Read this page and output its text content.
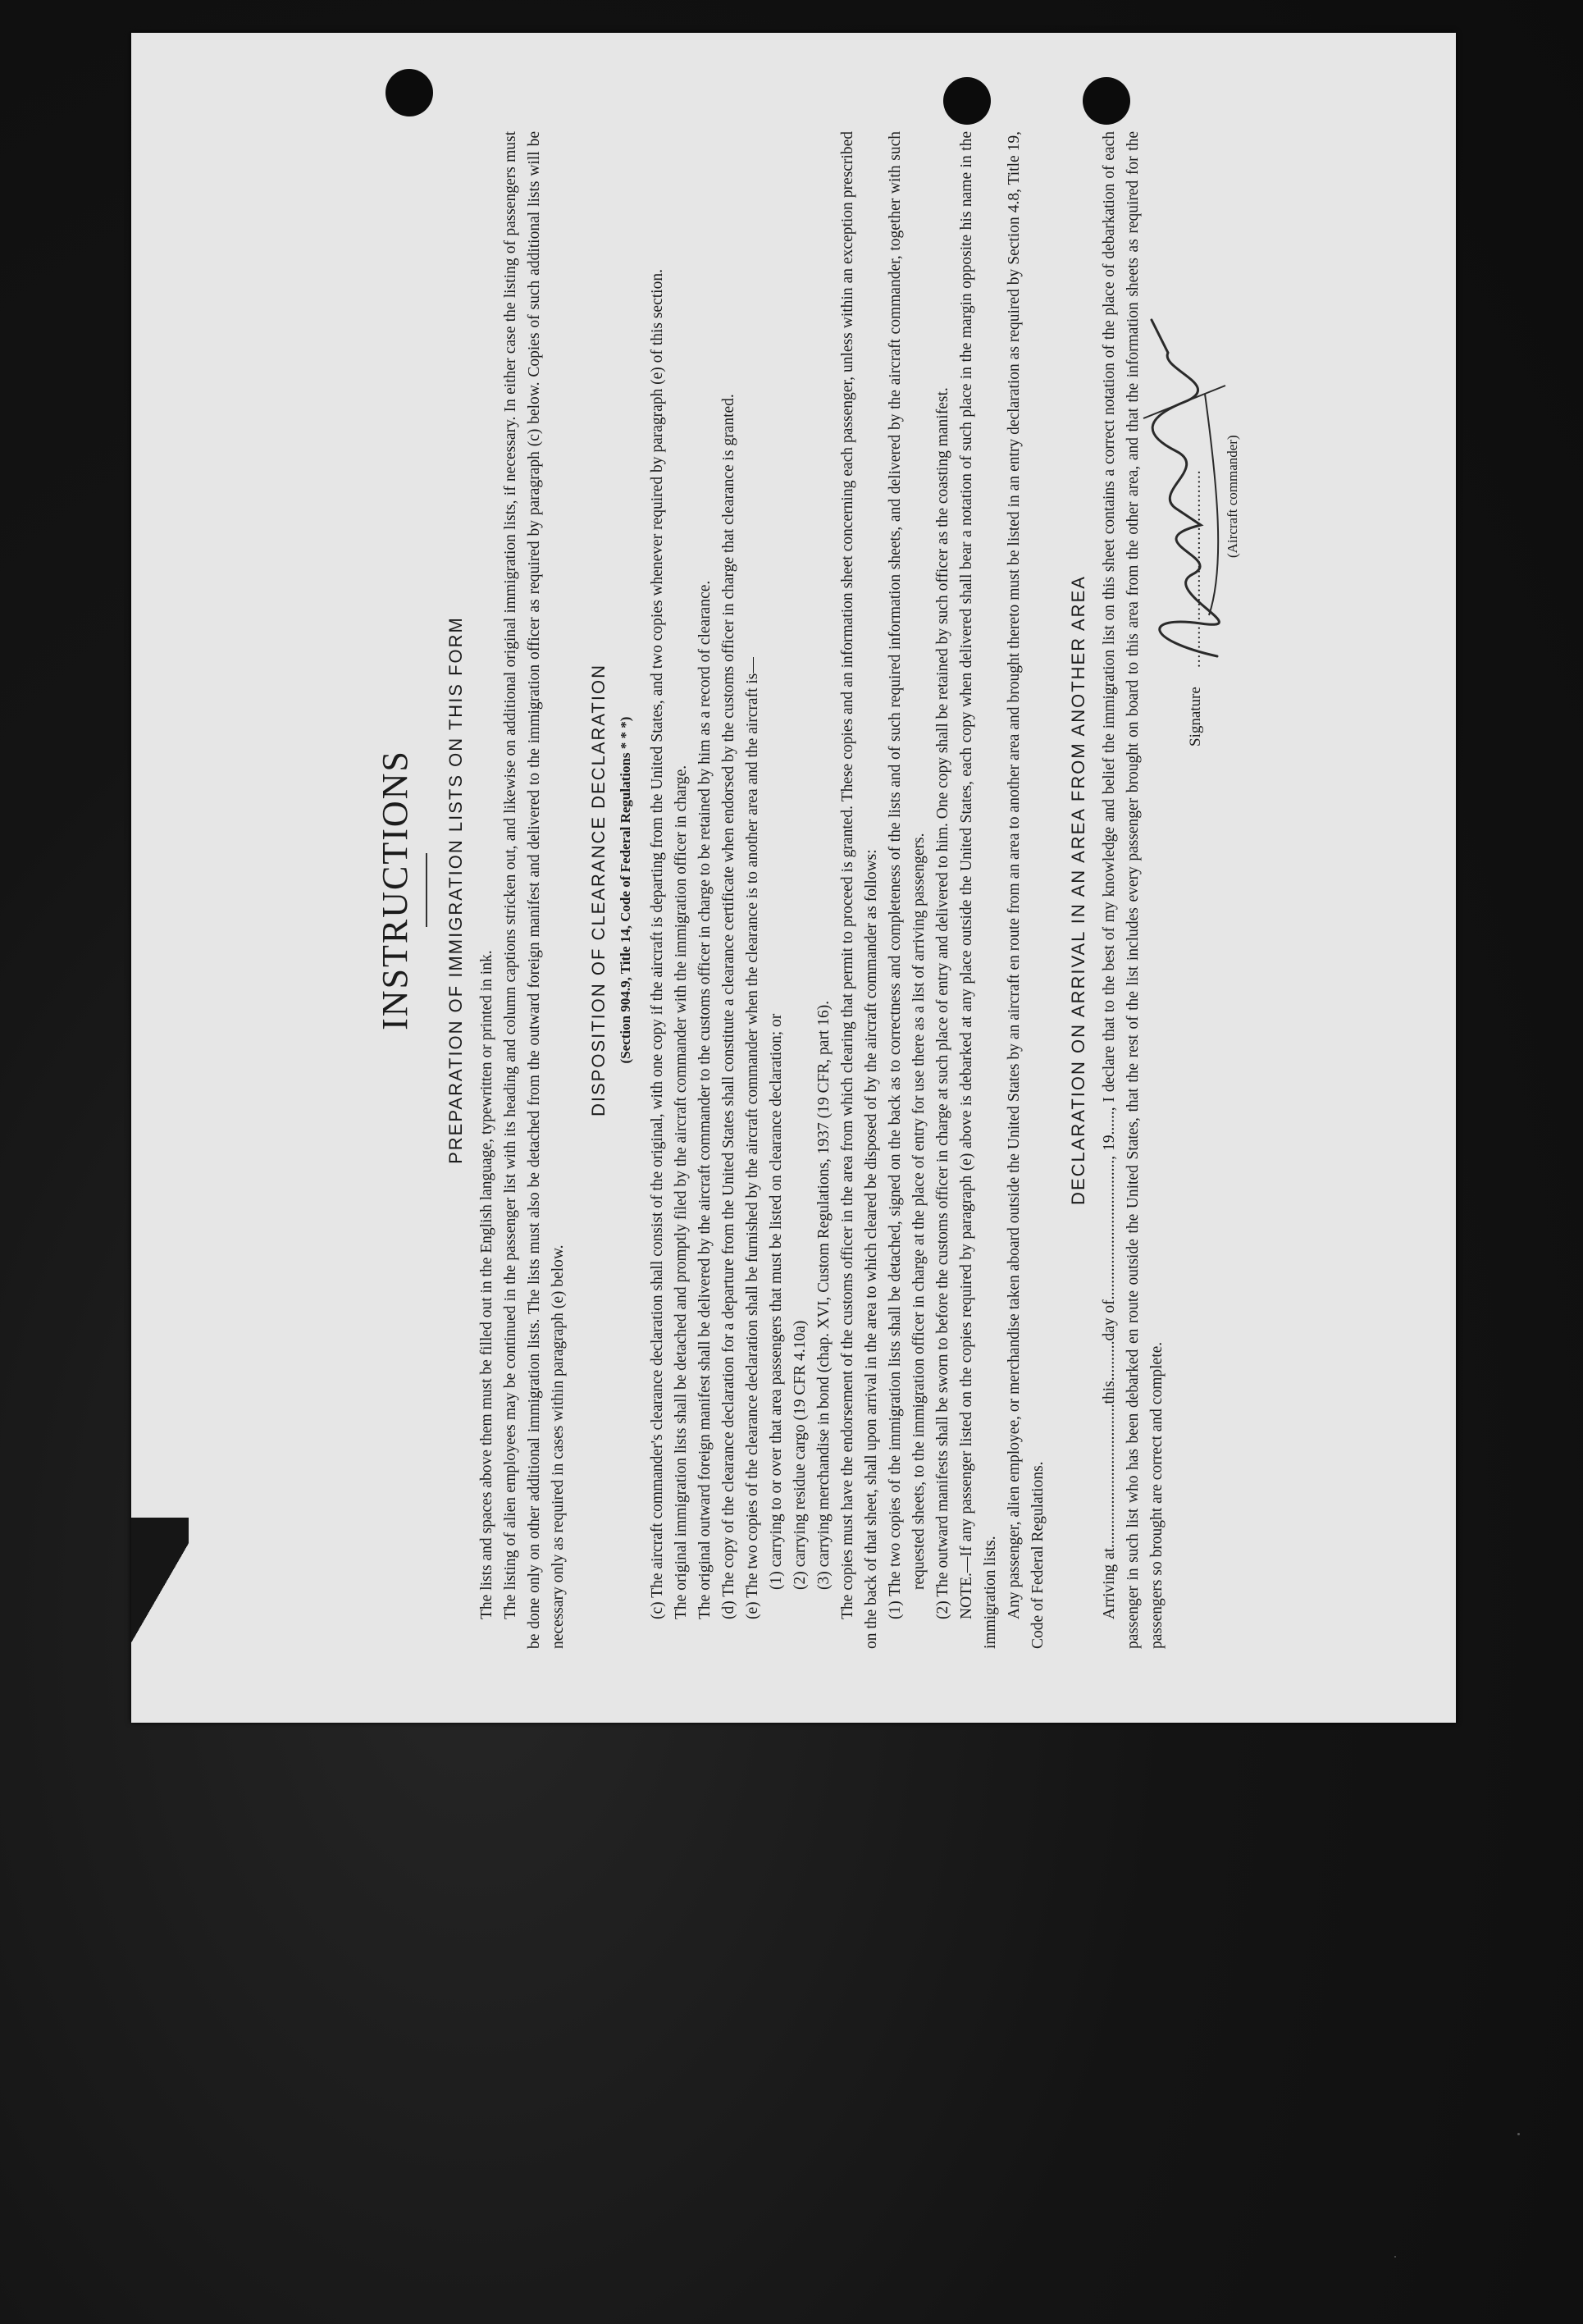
INSTRUCTIONS PREPARATION OF IMMIGRATION LISTS ON THIS FORM

The lists and spaces above them must be filled out in the English language, typewritten or printed in ink. The listing of alien employees may be continued in the passenger list with its heading and column captions stricken out, and likewise on additional original immigration lists, if necessary. In either case the listing of passengers must be done only on other additional immigration lists. The lists must also be detached from the outward foreign manifest and delivered to the immigration officer as required by paragraph (c) below. Copies of such additional lists will be necessary only as required in cases within paragraph (e) below.

DISPOSITION OF CLEARANCE DECLARATION (Section 904.9, Title 14, Code of Federal Regulations * * *) (c) The aircraft commander's clearance declaration shall consist of the original, with one copy if the aircraft is departing from the United States, and two copies whenever required by paragraph (e) of this section. The original immigration lists shall be detached and promptly filed by the aircraft commander with the immigration officer in charge. The original outward foreign manifest shall be delivered by the aircraft commander to the customs officer in charge to be retained by him as a record of clearance. (d) The copy of the clearance declaration for a departure from the United States shall constitute a clearance certificate when endorsed by the customs officer in charge that clearance is granted. (e) The two copies of the clearance declaration shall be furnished by the aircraft commander when the clearance is to another area and the aircraft is— (1) carrying to or over that area passengers that must be listed on clearance declaration; or (2) carrying residue cargo (19 CFR 4.10a) (3) carrying merchandise in bond (chap. XVI, Custom Regulations, 1937 (19 CFR, part 16). The copies must have the endorsement of the customs officer in the area from which clearing that permit to proceed is granted. These copies and an information sheet concerning each passenger, unless within an exception prescribed on the back of that sheet, shall upon arrival in the area to which cleared be disposed of by the aircraft commander as follows: (1) The two copies of the immigration lists shall be detached, signed on the back as to correctness and completeness of the lists and of such required information sheets, and delivered by the aircraft commander, together with such requested sheets, to the immigration officer in charge at the place of entry for use there as a list of arriving passengers. (2) The outward manifests shall be sworn to before the customs officer in charge at such place of entry and delivered to him. One copy shall be retained by such officer as the coasting manifest. NOTE.—If any passenger listed on the copies required by paragraph (e) above is debarked at any place outside the United States, each copy when delivered shall bear a notation of such place in the margin opposite his name in the immigration lists. Any passenger, alien employee, or merchandise taken aboard outside the United States by an aircraft en route from an area to another area and brought thereto must be listed in an entry declaration as required by Section 4.8, Title 19, Code of Federal Regulations.

DECLARATION ON ARRIVAL IN AN AREA FROM ANOTHER AREA Arriving at....................................this..........day of..................................., 19......, I declare that to the best of my knowledge and belief the immigration list on this sheet contains a correct notation of the place of debarkation of each passenger in such list who has been debarked en route outside the United States, that the rest of the list includes every passenger brought on board to this area from the other area, and that the information sheets as required for the passengers so brought are correct and complete.

Signature
.......................................... (Aircraft commander)
